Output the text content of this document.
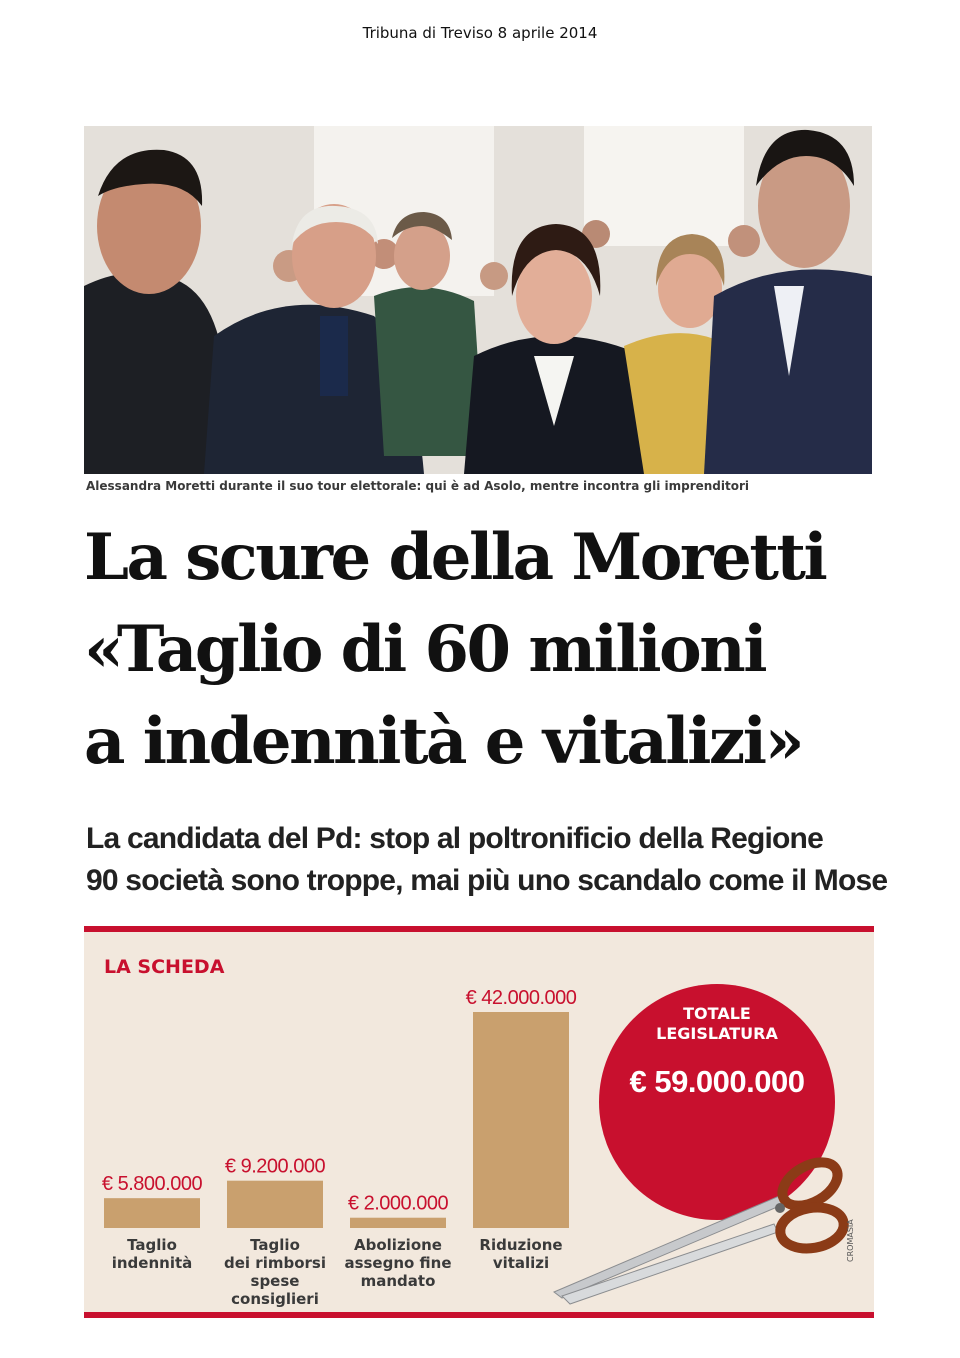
Tribuna di Treviso 8 aprile 2014
Alessandra Moretti durante il suo tour elettorale: qui è ad Asolo, mentre incontra gli imprenditori
La scure della Moretti
«Taglio di 60 milioni
a indennità e vitalizi»
La candidata del Pd: stop al poltronificio della Regione
90 società sono troppe, mai più uno scandalo come il Mose
LA SCHEDA
€ 5.800.000
Taglio indennità
€ 9.200.000
Taglio dei rimborsi spese consiglieri
€ 2.000.000
Abolizione assegno fine mandato
€ 42.000.000
Riduzione vitalizi
TOTALE
LEGISLATURA
€ 59.000.000
CROMASIA
